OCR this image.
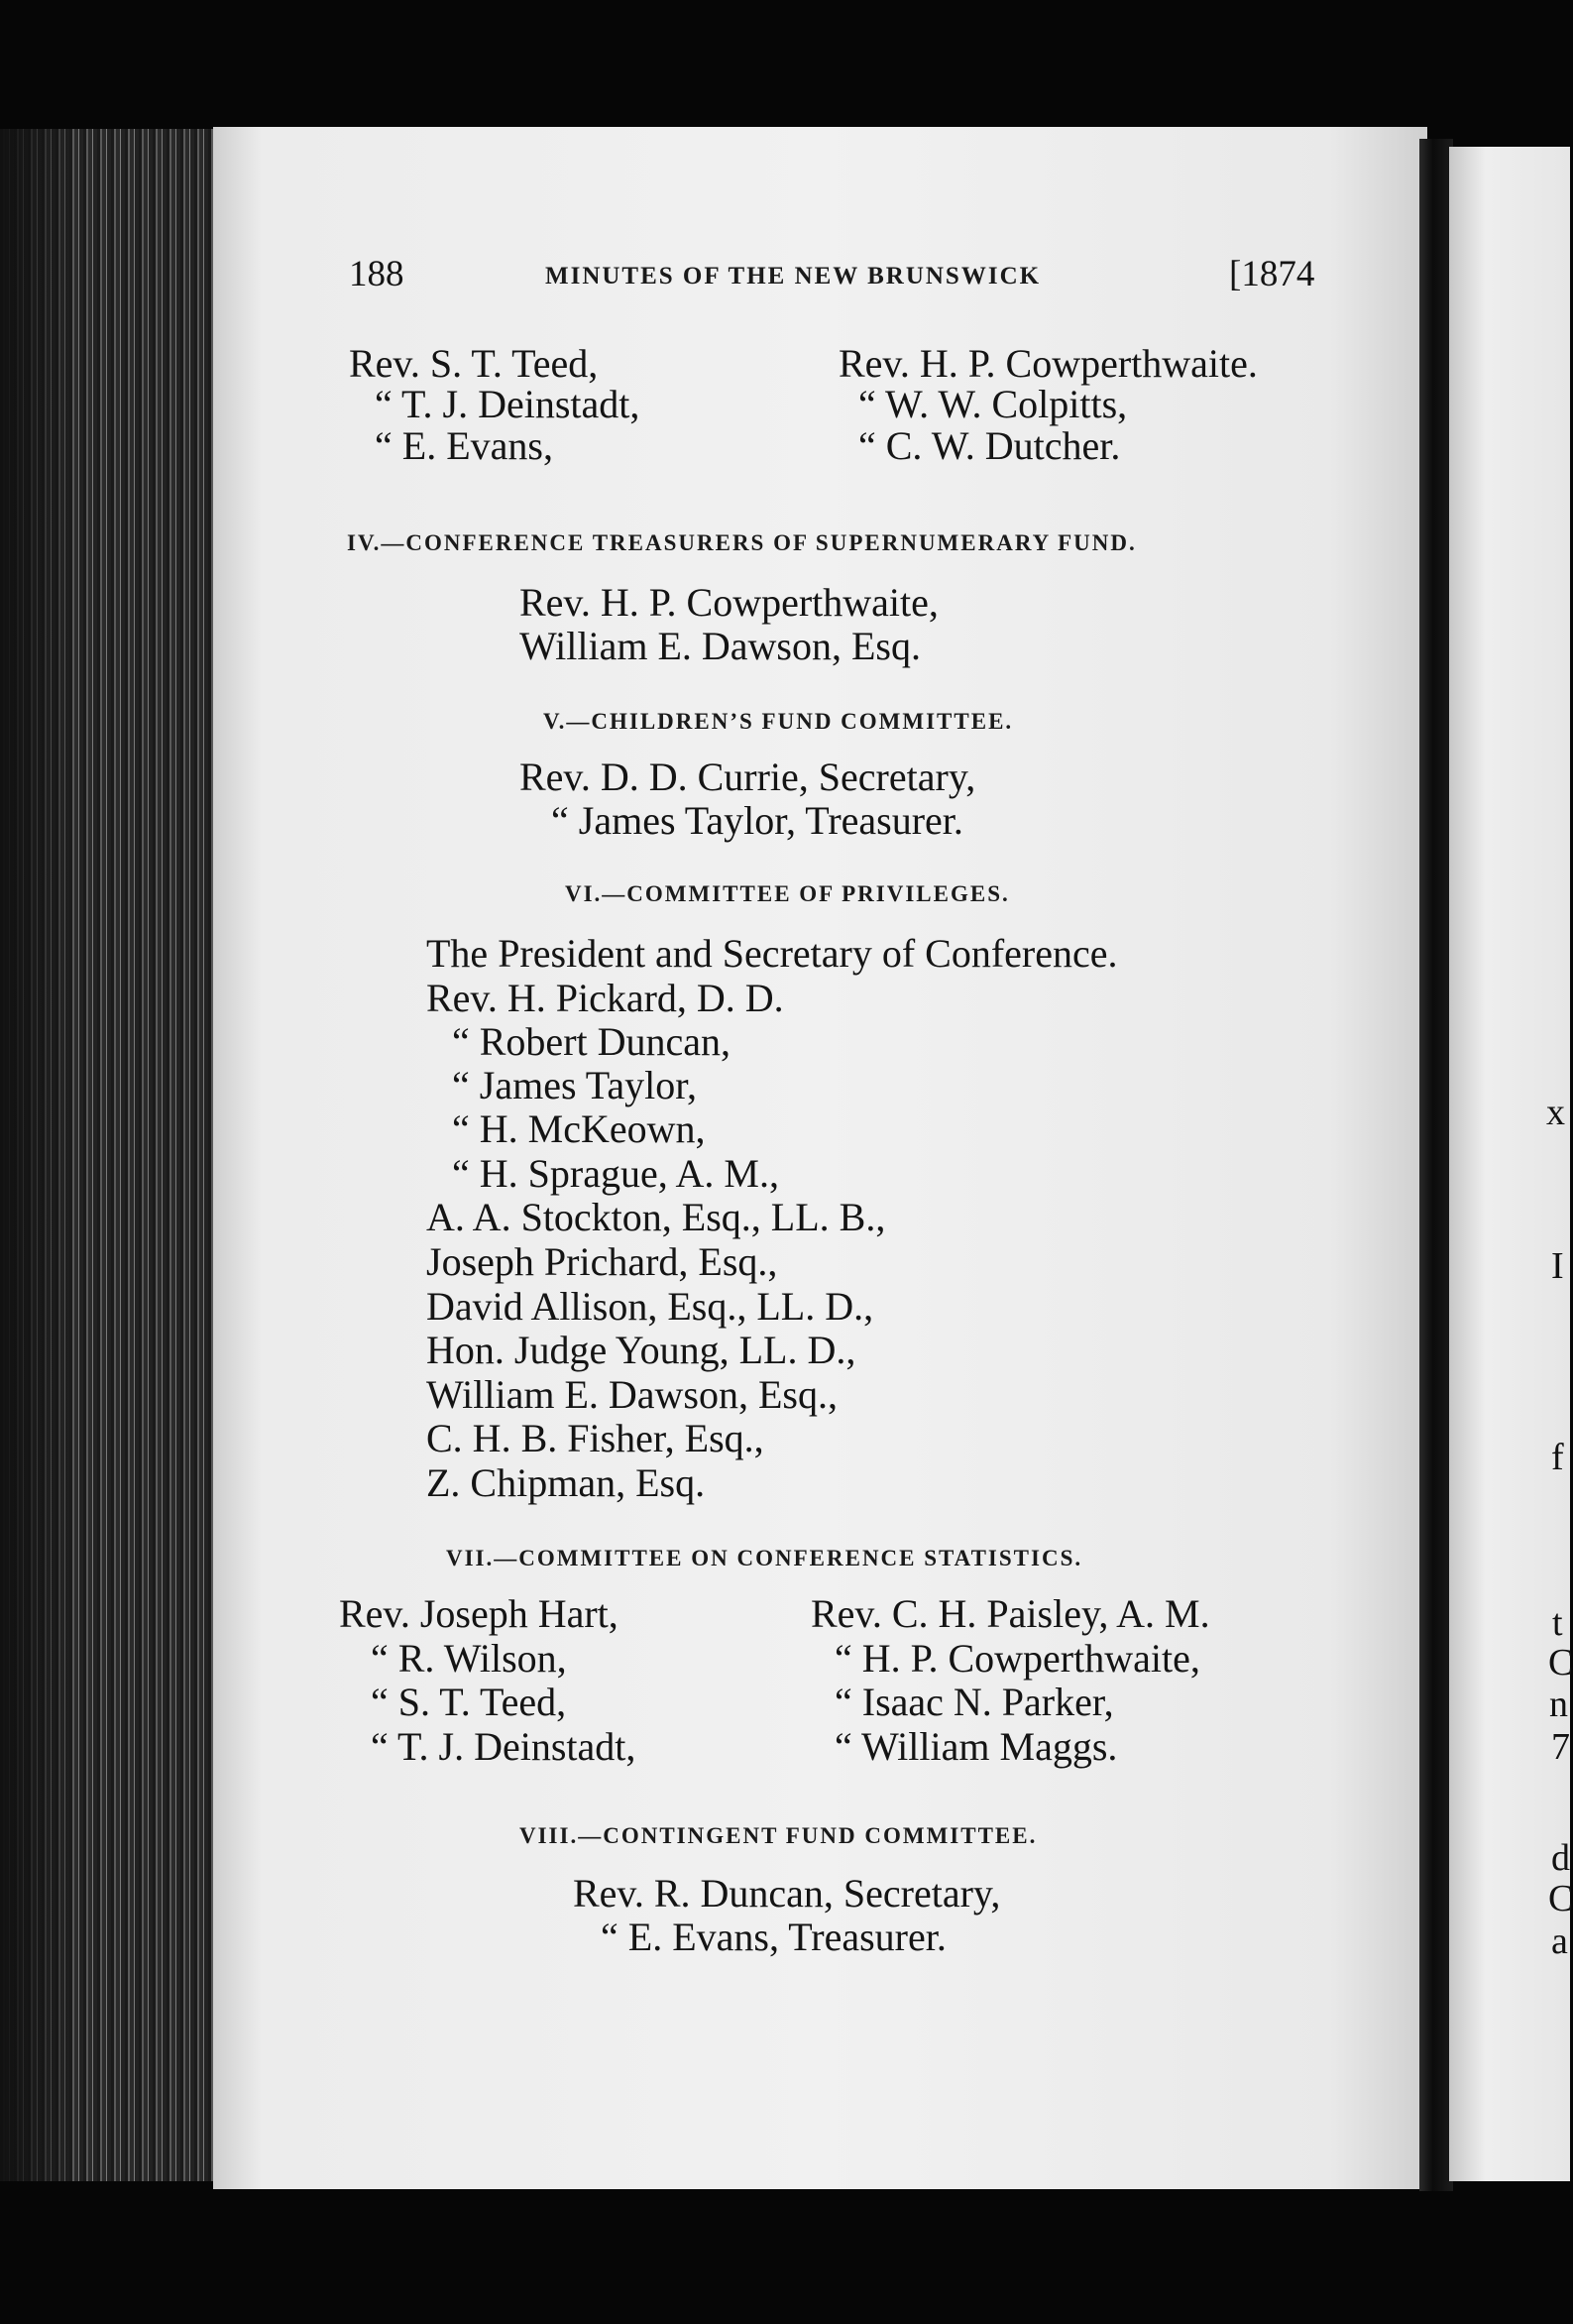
x
I
f
t
C
n
7
d
C
a
188	MINUTES OF THE NEW BRUNSWICK	[1874
Rev. S. T. Teed,
“ T. J. Deinstadt,
“ E. Evans,
Rev. H. P. Cowperthwaite.
“ W. W. Colpitts,
“ C. W. Dutcher.
IV.—CONFERENCE TREASURERS OF SUPERNUMERARY FUND.
Rev. H. P. Cowperthwaite,
William E. Dawson, Esq.
V.—CHILDREN’S FUND COMMITTEE.
Rev. D. D. Currie, Secretary,
“ James Taylor, Treasurer.
VI.—COMMITTEE OF PRIVILEGES.
The President and Secretary of Conference.
Rev. H. Pickard, D. D.
“ Robert Duncan,
“ James Taylor,
“ H. McKeown,
“ H. Sprague, A. M.,
A. A. Stockton, Esq., LL. B.,
Joseph Prichard, Esq.,
David Allison, Esq., LL. D.,
Hon. Judge Young, LL. D.,
William E. Dawson, Esq.,
C. H. B. Fisher, Esq.,
Z. Chipman, Esq.
VII.—COMMITTEE ON CONFERENCE STATISTICS.
Rev. Joseph Hart,
“ R. Wilson,
“ S. T. Teed,
“ T. J. Deinstadt,
Rev. C. H. Paisley, A. M.
“ H. P. Cowperthwaite,
“ Isaac N. Parker,
“ William Maggs.
VIII.—CONTINGENT FUND COMMITTEE.
Rev. R. Duncan, Secretary,
“ E. Evans, Treasurer.
